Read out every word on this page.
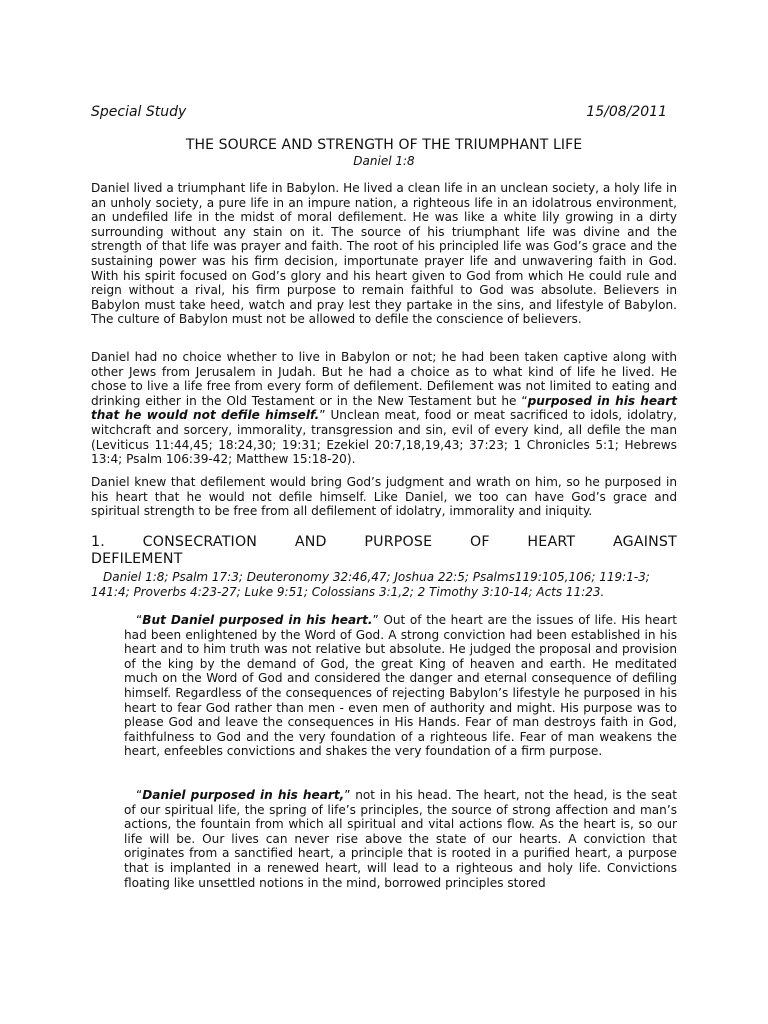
Special Study	15/08/2011
THE SOURCE AND STRENGTH OF THE TRIUMPHANT LIFE
Daniel 1:8
Daniel lived a triumphant life in Babylon. He lived a clean life in an unclean society, a holy life in an unholy society, a pure life in an impure nation, a righteous life in an idolatrous environment, an undefiled life in the midst of moral defilement. He was like a white lily growing in a dirty surrounding without any stain on it. The source of his triumphant life was divine and the strength of that life was prayer and faith. The root of his principled life was God’s grace and the sustaining power was his firm decision, importunate prayer life and unwavering faith in God. With his spirit focused on God’s glory and his heart given to God from which He could rule and reign without a rival, his firm purpose to remain faithful to God was absolute. Believers in Babylon must take heed, watch and pray lest they partake in the sins, and lifestyle of Babylon. The culture of Babylon must not be allowed to defile the conscience of believers.
Daniel had no choice whether to live in Babylon or not; he had been taken captive along with other Jews from Jerusalem in Judah. But he had a choice as to what kind of life he lived. He chose to live a life free from every form of defilement. Defilement was not limited to eating and drinking either in the Old Testament or in the New Testament but he “purposed in his heart that he would not defile himself.” Unclean meat, food or meat sacrificed to idols, idolatry, witchcraft and sorcery, immorality, transgression and sin, evil of every kind, all defile the man (Leviticus 11:44,45; 18:24,30; 19:31; Ezekiel 20:7,18,19,43; 37:23; 1 Chronicles 5:1; Hebrews 13:4; Psalm 106:39-42; Matthew 15:18-20).
Daniel knew that defilement would bring God’s judgment and wrath on him, so he purposed in his heart that he would not defile himself. Like Daniel, we too can have God’s grace and spiritual strength to be free from all defilement of idolatry, immorality and iniquity.
1. CONSECRATION AND PURPOSE OF HEART AGAINST
DEFILEMENT
Daniel 1:8; Psalm 17:3; Deuteronomy 32:46,47; Joshua 22:5; Psalms119:105,106; 119:1-3; 141:4; Proverbs 4:23-27; Luke 9:51; Colossians 3:1,2; 2 Timothy 3:10-14; Acts 11:23.
“But Daniel purposed in his heart.” Out of the heart are the issues of life. His heart had been enlightened by the Word of God. A strong conviction had been established in his heart and to him truth was not relative but absolute. He judged the proposal and provision of the king by the demand of God, the great King of heaven and earth. He meditated much on the Word of God and considered the danger and eternal consequence of defiling himself. Regardless of the consequences of rejecting Babylon’s lifestyle he purposed in his heart to fear God rather than men - even men of authority and might. His purpose was to please God and leave the consequences in His Hands. Fear of man destroys faith in God, faithfulness to God and the very foundation of a righteous life. Fear of man weakens the heart, enfeebles convictions and shakes the very foundation of a firm purpose.
“Daniel purposed in his heart,” not in his head. The heart, not the head, is the seat of our spiritual life, the spring of life’s principles, the source of strong affection and man’s actions, the fountain from which all spiritual and vital actions flow. As the heart is, so our life will be. Our lives can never rise above the state of our hearts. A conviction that originates from a sanctified heart, a principle that is rooted in a purified heart, a purpose that is implanted in a renewed heart, will lead to a righteous and holy life. Convictions floating like unsettled notions in the mind, borrowed principles stored
